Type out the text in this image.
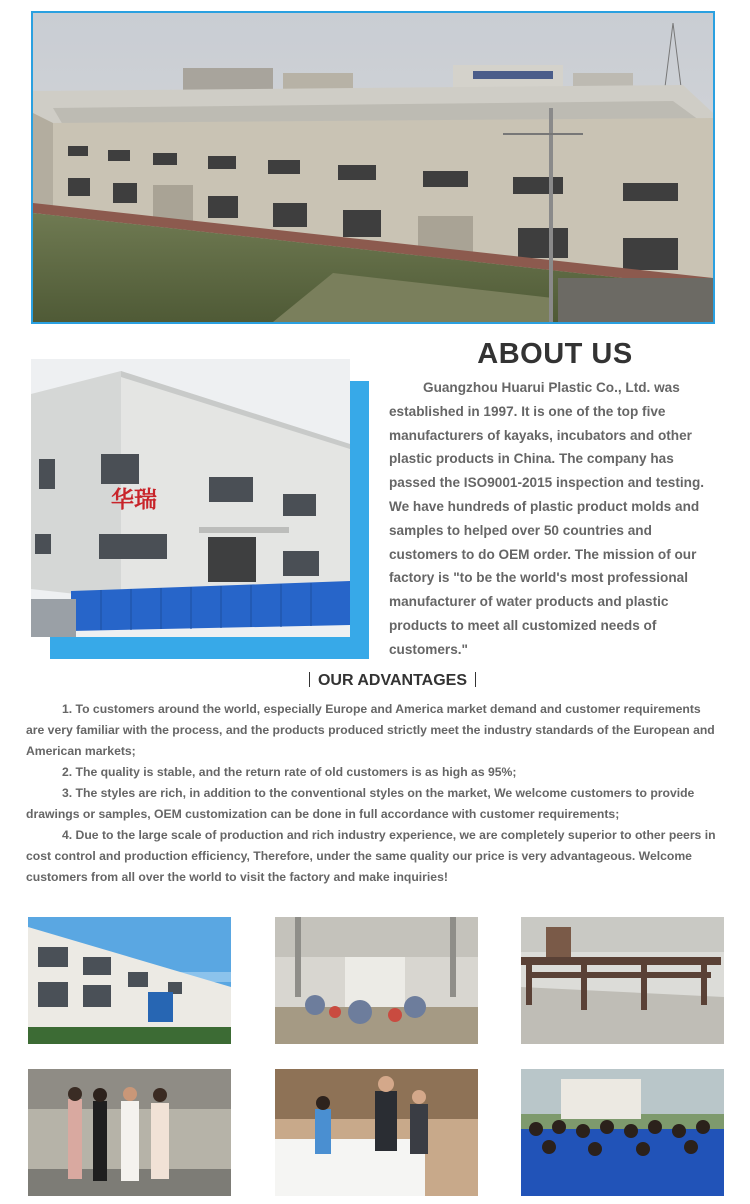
华瑞
ABOUT US
Guangzhou Huarui Plastic Co., Ltd. was established in 1997. It is one of the top five manufacturers of kayaks, incubators and other plastic products in China. The company has passed the ISO9001-2015 inspection and testing. We have hundreds of plastic product molds and samples to helped over 50 countries and customers to do OEM order. The mission of our factory is "to be the world's most professional manufacturer of water products and plastic products to meet all customized needs of customers."
OUR ADVANTAGES

1. To customers around the world, especially Europe and America market demand and customer requirements are very familiar with the process, and the products produced strictly meet the industry standards of the European and American markets;

2. The quality is stable, and the return rate of old customers is as high as 95%;

3. The styles are rich, in addition to the conventional styles on the market, We welcome customers to provide drawings or samples, OEM customization can be done in full accordance with customer requirements;

4. Due to the large scale of production and rich industry experience, we are completely superior to other peers in cost control and production efficiency, Therefore, under the same quality our price is very advantageous. Welcome customers from all over the world to visit the factory and make inquiries!
